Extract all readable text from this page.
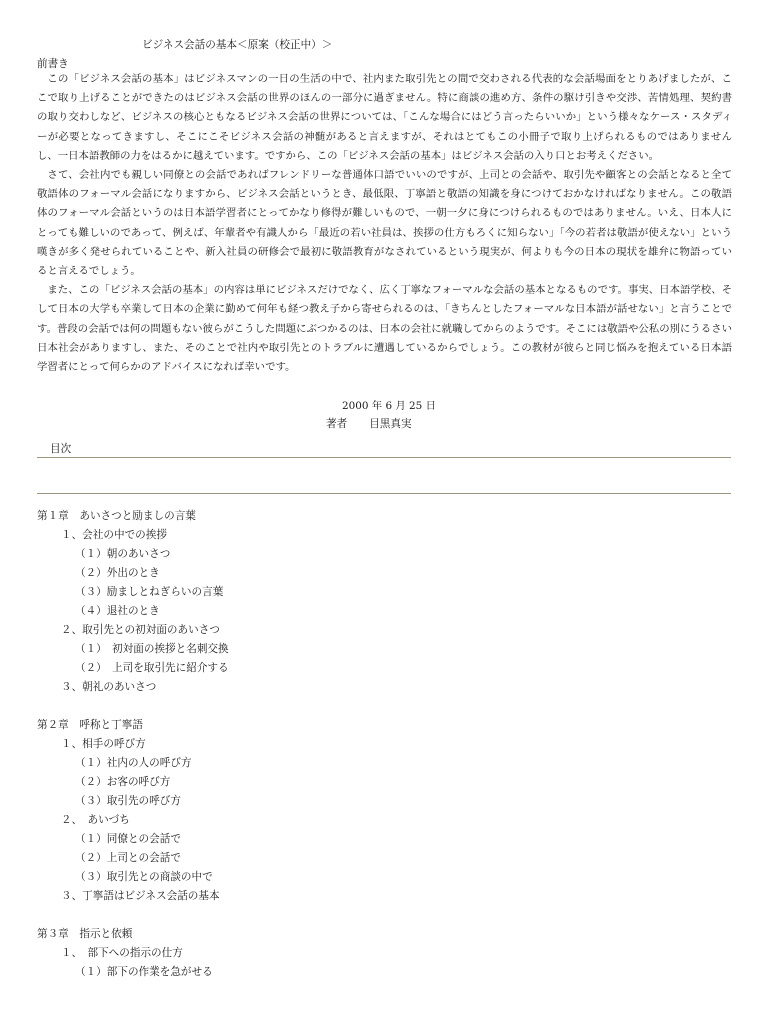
ビジネス会話の基本＜原案（校正中）＞
前書き

この「ビジネス会話の基本」はビジネスマンの一日の生活の中で、社内また取引先との間で交わされる代表的な会話場面をとりあげましたが、ここで取り上げることができたのはビジネス会話の世界のほんの一部分に過ぎません。特に商談の進め方、条件の駆け引きや交渉、苦情処理、契約書の取り交わしなど、ビジネスの核心ともなるビジネス会話の世界については、「こんな場合にはどう言ったらいいか」という様々なケース・スタディーが必要となってきますし、そこにこそビジネス会話の神髄があると言えますが、それはとてもこの小冊子で取り上げられるものではありませんし、一日本語教師の力をはるかに越えています。ですから、この「ビジネス会話の基本」はビジネス会話の入り口とお考えください。

さて、会社内でも親しい同僚との会話であればフレンドリーな普通体口語でいいのですが、上司との会話や、取引先や顧客との会話となると全て敬語体のフォーマル会話になりますから、ビジネス会話というとき、最低限、丁寧語と敬語の知識を身につけておかなければなりません。この敬語体のフォーマル会話というのは日本語学習者にとってかなり修得が難しいもので、一朝一夕に身につけられるものではありません。いえ、日本人にとっても難しいのであって、例えば、年輩者や有識人から「最近の若い社員は、挨拶の仕方もろくに知らない」「今の若者は敬語が使えない」という嘆きが多く発せられていることや、新入社員の研修会で最初に敬語教育がなされているという現実が、何よりも今の日本の現状を雄弁に物語っていると言えるでしょう。

また、この「ビジネス会話の基本」の内容は単にビジネスだけでなく、広く丁寧なフォーマルな会話の基本となるものです。事実、日本語学校、そして日本の大学も卒業して日本の企業に勤めて何年も経つ教え子から寄せられるのは、「きちんとしたフォーマルな日本語が話せない」と言うことです。普段の会話では何の問題もない彼らがこうした問題にぶつかるのは、日本の会社に就職してからのようです。そこには敬語や公私の別にうるさい日本社会がありますし、また、そのことで社内や取引先とのトラブルに遭遇しているからでしょう。この教材が彼らと同じ悩みを抱えている日本語学習者にとって何らかのアドバイスになれば幸いです。

2000 年 6 月 25 日
著者 目黒真実
目次
第１章　あいさつと励ましの言葉
１、会社の中での挨拶
（１）朝のあいさつ
（２）外出のとき
（３）励ましとねぎらいの言葉
（４）退社のとき
２、取引先との初対面のあいさつ
（１）　初対面の挨拶と名刺交換
（２）　上司を取引先に紹介する
３、朝礼のあいさつ
第２章　呼称と丁寧語
１、相手の呼び方
（１）社内の人の呼び方
（２）お客の呼び方
（３）取引先の呼び方
２、　あいづち
（１）同僚との会話で
（２）上司との会話で
（３）取引先との商談の中で
３、丁寧語はビジネス会話の基本
第３章　指示と依頼
１、　部下への指示の仕方
（１）部下の作業を急がせる
